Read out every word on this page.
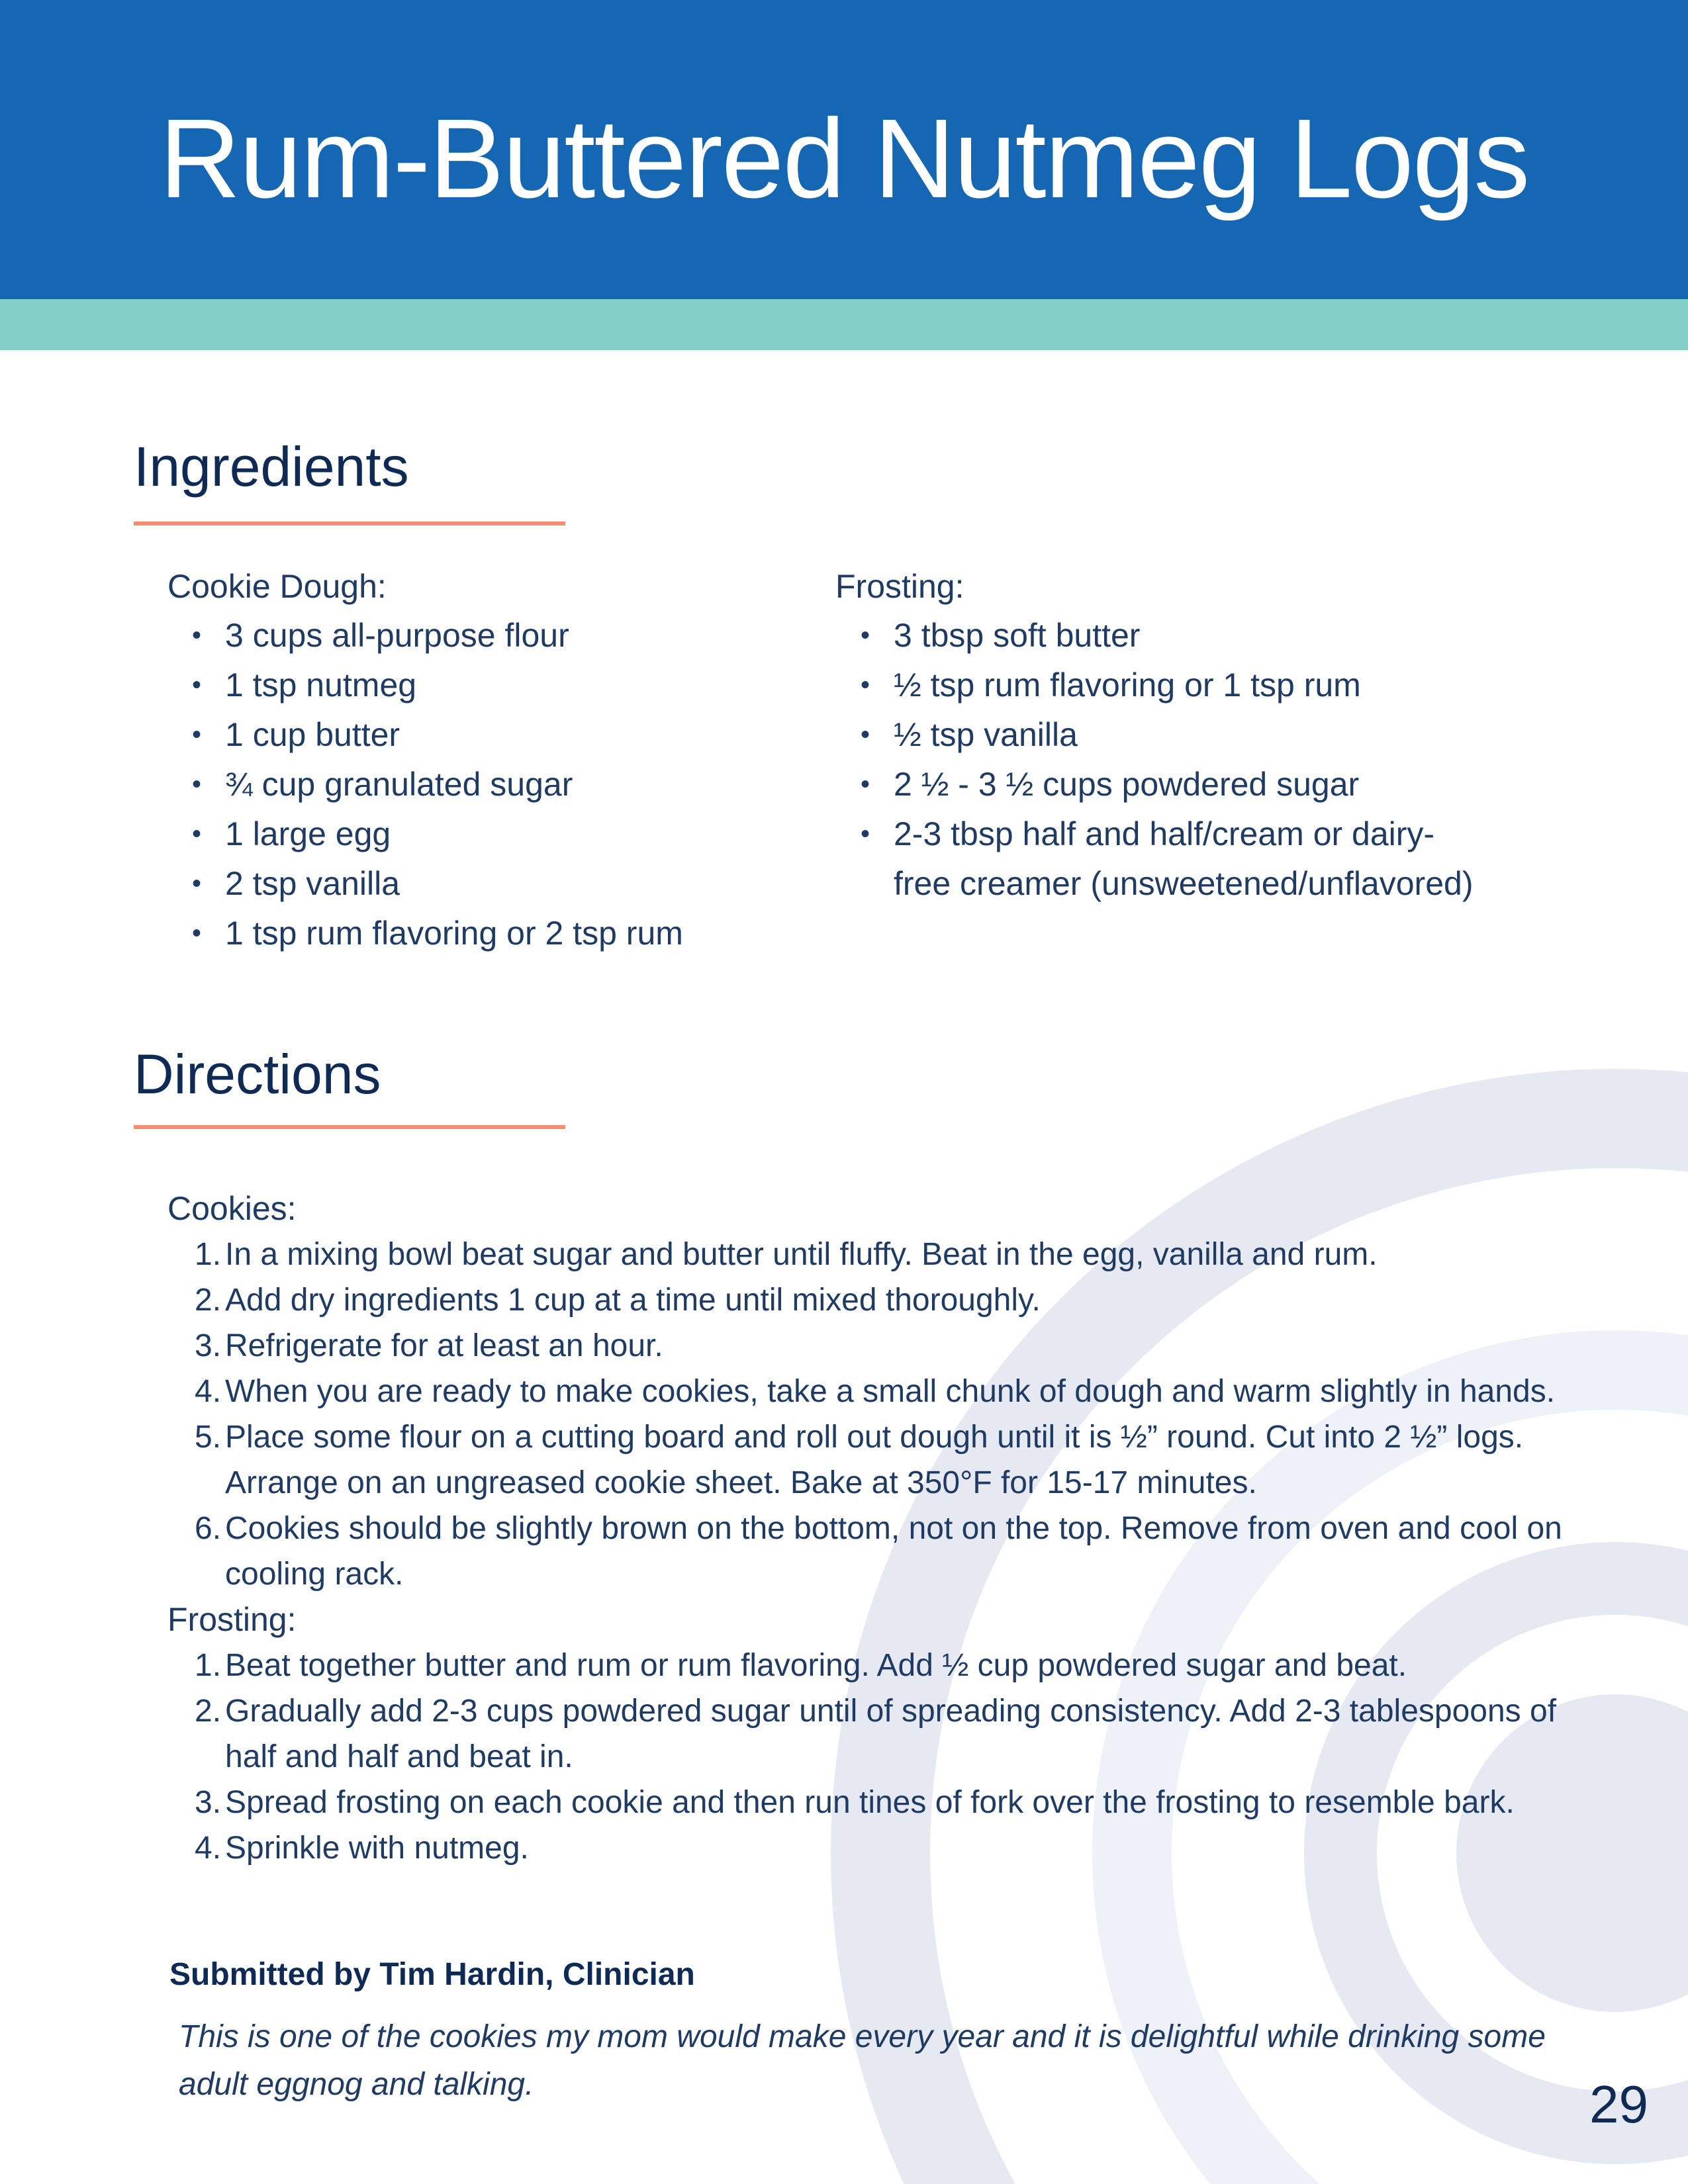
Rum-Buttered Nutmeg Logs
Ingredients

Cookie Dough:

• 3 cups all-purpose flour
• 1 tsp nutmeg
• 1 cup butter
• ¾ cup granulated sugar
• 1 large egg
• 2 tsp vanilla
• 1 tsp rum flavoring or 2 tsp rum

Frosting:

• 3 tbsp soft butter
• ½ tsp rum flavoring or 1 tsp rum
• ½ tsp vanilla
• 2 ½ - 3 ½ cups powdered sugar
• 2-3 tbsp half and half/cream or dairy-free creamer (unsweetened/unflavored)
Directions

Cookies:

1. In a mixing bowl beat sugar and butter until fluffy. Beat in the egg, vanilla and rum.
2. Add dry ingredients 1 cup at a time until mixed thoroughly.
3. Refrigerate for at least an hour.
4. When you are ready to make cookies, take a small chunk of dough and warm slightly in hands.
5. Place some flour on a cutting board and roll out dough until it is ½” round. Cut into 2 ½” logs. Arrange on an ungreased cookie sheet. Bake at 350°F for 15-17 minutes.
6. Cookies should be slightly brown on the bottom, not on the top. Remove from oven and cool on cooling rack.

Frosting:

1. Beat together butter and rum or rum flavoring. Add ½ cup powdered sugar and beat.
2. Gradually add 2-3 cups powdered sugar until of spreading consistency. Add 2-3 tablespoons of half and half and beat in.
3. Spread frosting on each cookie and then run tines of fork over the frosting to resemble bark.
4. Sprinkle with nutmeg.

Submitted by Tim Hardin, Clinician

This is one of the cookies my mom would make every year and it is delightful while drinking some adult eggnog and talking.	29
